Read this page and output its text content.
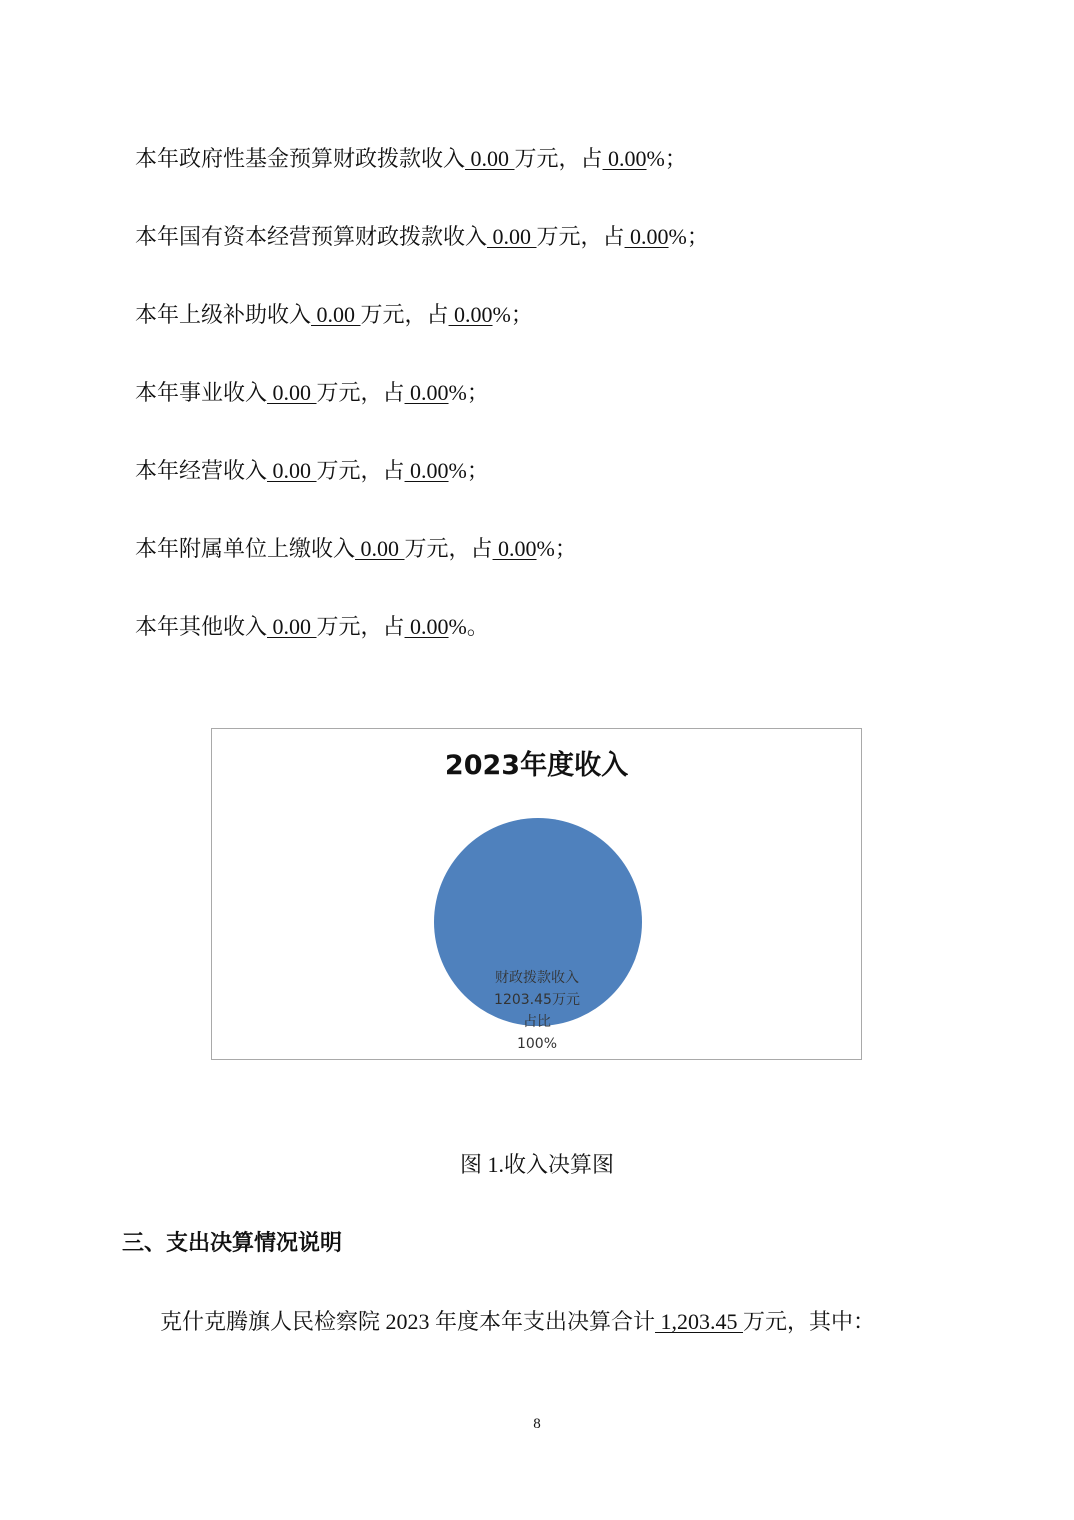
本年政府性基金预算财政拨款收入 0.00 万元，占 0.00%；
本年国有资本经营预算财政拨款收入 0.00 万元，占 0.00%；
本年上级补助收入 0.00 万元，占 0.00%；
本年事业收入 0.00 万元，占 0.00%；
本年经营收入 0.00 万元，占 0.00%；
本年附属单位上缴收入 0.00 万元，占 0.00%；
本年其他收入 0.00 万元，占 0.00%。
2023年度收入
财政拨款收入
1203.45万元
占比
100%
图 1.收入决算图
三、支出决算情况说明
克什克腾旗人民检察院 2023 年度本年支出决算合计 1,203.45 万元，其中：
8
